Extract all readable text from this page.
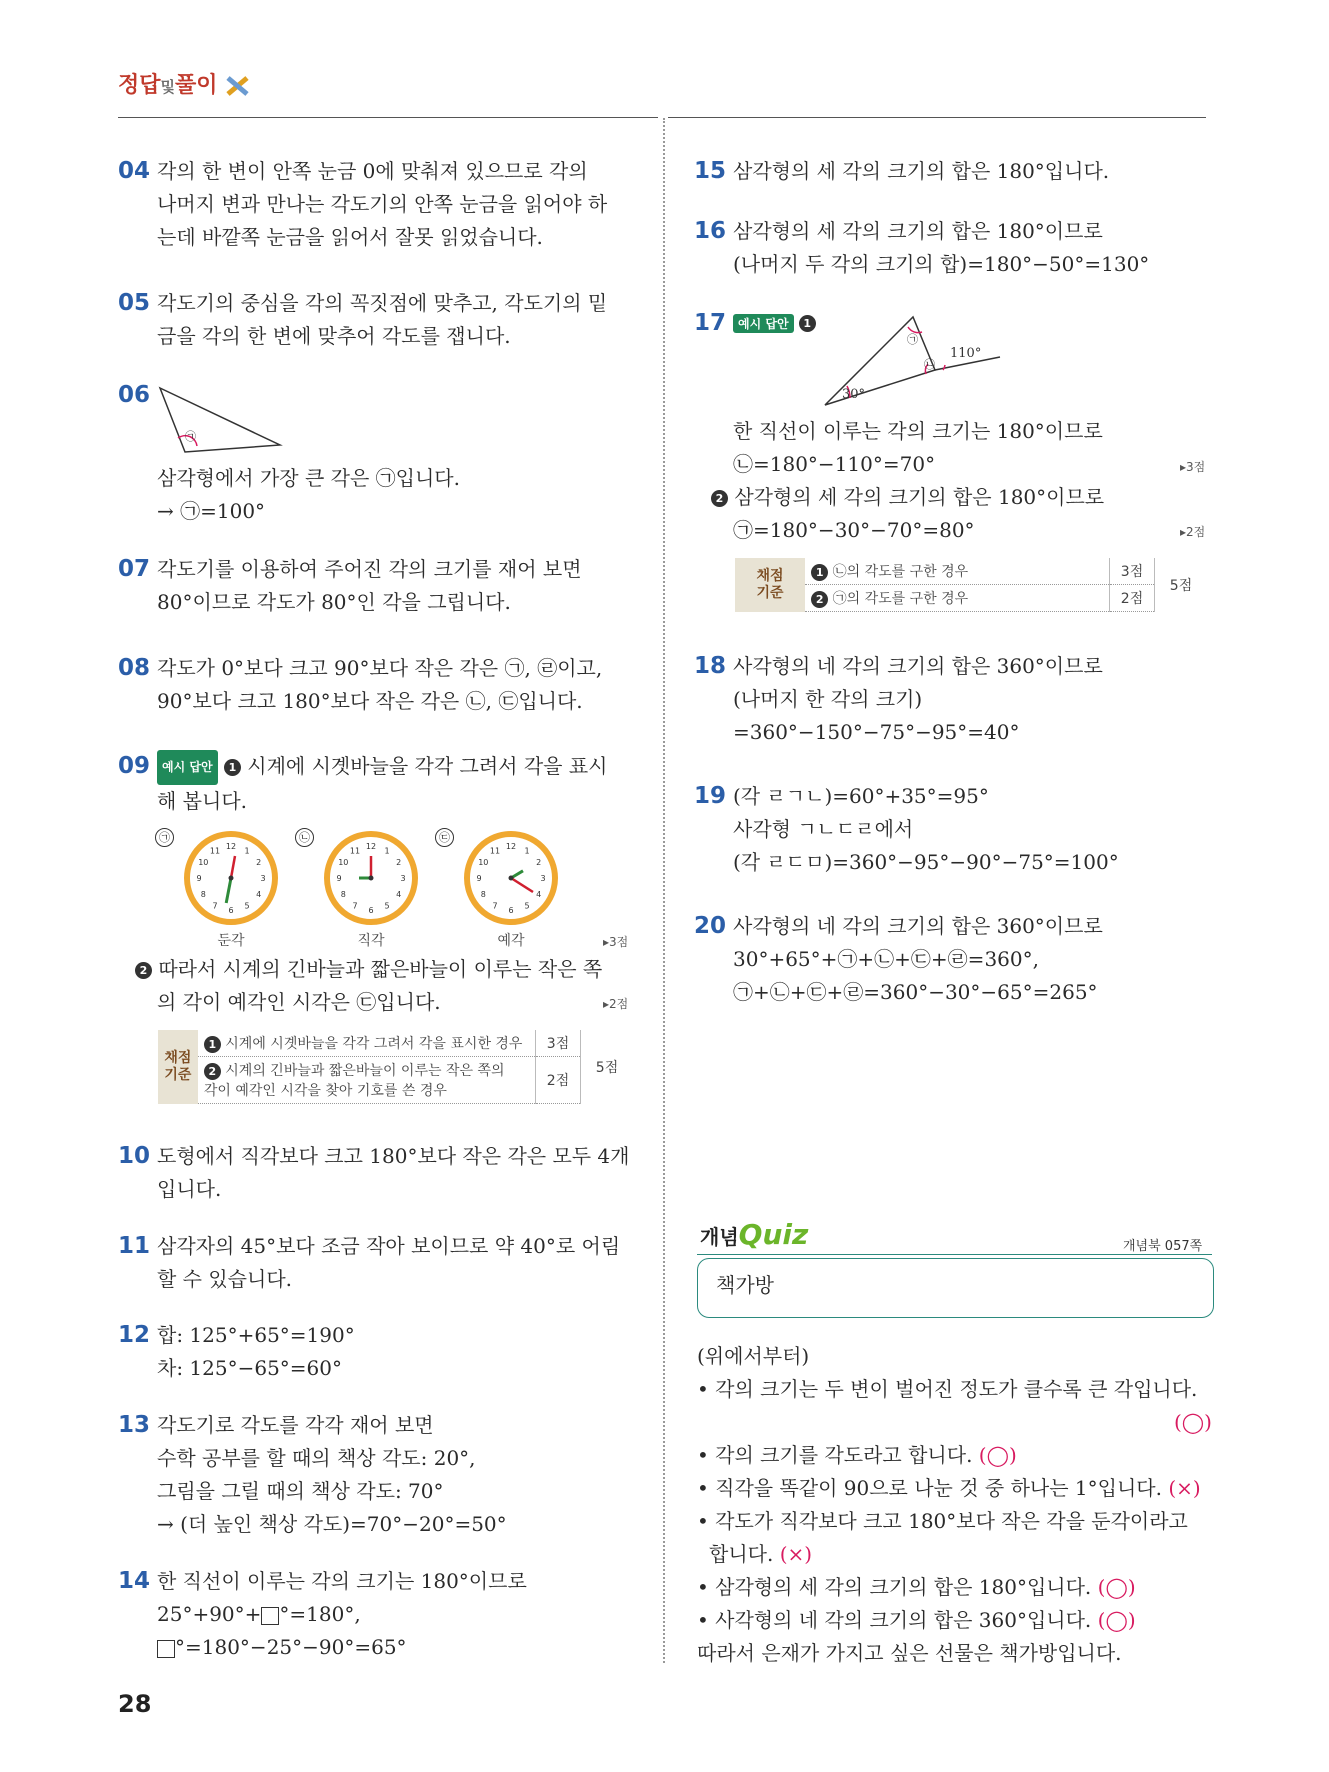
정답및풀이
04 각의 한 변이 안쪽 눈금 0에 맞춰져 있으므로 각의
나머지 변과 만나는 각도기의 안쪽 눈금을 읽어야 하
는데 바깥쪽 눈금을 읽어서 잘못 읽었습니다.
05 각도기의 중심을 각의 꼭짓점에 맞추고, 각도기의 밑
금을 각의 한 변에 맞추어 각도를 잽니다.
06
㉠
삼각형에서 가장 큰 각은 ㉠입니다.
→ ㉠=100°
07 각도기를 이용하여 주어진 각의 크기를 재어 보면
80°이므로 각도가 80°인 각을 그립니다.
08 각도가 0°보다 크고 90°보다 작은 각은 ㉠, ㉣이고,
90°보다 크고 180°보다 작은 각은 ㉡, ㉢입니다.
09 예시 답안 1 시계에 시곗바늘을 각각 그려서 각을 표시
해 봅니다.
㉠
12 1
2
3
4
5
6
7
8
9
10
11
둔각
㉡
12 1
2
3
4
5
6
7
8
9
10
11
직각
㉢
12 1
2
3
4
5
6
7
8
9
10
11
예각	▸3점
2 따라서 시계의 긴바늘과 짧은바늘이 이루는 작은 쪽
의 각이 예각인 시각은 ㉢입니다.	▸2점
채점
기준	1 시계에 시곗바늘을 각각 그려서 각을 표시한 경우	3점	5점
	2 시계의 긴바늘과 짧은바늘이 이루는 작은 쪽의
각이 예각인 시각을 찾아 기호를 쓴 경우	2점	
10 도형에서 직각보다 크고 180°보다 작은 각은 모두 4개
입니다.
11 삼각자의 45°보다 조금 작아 보이므로 약 40°로 어림
할 수 있습니다.
12 합: 125°+65°=190°
차: 125°−65°=60°
13 각도기로 각도를 각각 재어 보면
수학 공부를 할 때의 책상 각도: 20°,
그림을 그릴 때의 책상 각도: 70°
→ (더 높인 책상 각도)=70°−20°=50°
14 한 직선이 이루는 각의 크기는 180°이므로
25°+90°+ °=180°,
°=180°−25°−90°=65°
28
15 삼각형의 세 각의 크기의 합은 180°입니다.
16 삼각형의 세 각의 크기의 합은 180°이므로
(나머지 두 각의 크기의 합)=180°−50°=130°
17 예시 답안 1
㉠
㉡
110°
30°
한 직선이 이루는 각의 크기는 180°이므로
㉡=180°−110°=70°	▸3점
2 삼각형의 세 각의 크기의 합은 180°이므로
㉠=180°−30°−70°=80°	▸2점
채점
기준	1 ㉡의 각도를 구한 경우	3점	5점
	2 ㉠의 각도를 구한 경우	2점	
18 사각형의 네 각의 크기의 합은 360°이므로
(나머지 한 각의 크기)
=360°−150°−75°−95°=40°
19 (각 ㄹㄱㄴ)=60°+35°=95°
사각형 ㄱㄴㄷㄹ에서
(각 ㄹㄷㅁ)=360°−95°−90°−75°=100°
20 사각형의 네 각의 크기의 합은 360°이므로
30°+65°+㉠+㉡+㉢+㉣=360°,
㉠+㉡+㉢+㉣=360°−30°−65°=265°
개념Quiz	개념북 057쪽
책가방
(위에서부터)
• 각의 크기는 두 변이 벌어진 정도가 클수록 큰 각입니다.
(◯)
• 각의 크기를 각도라고 합니다. (◯)
• 직각을 똑같이 90으로 나눈 것 중 하나는 1°입니다. (×)
• 각도가 직각보다 크고 180°보다 작은 각을 둔각이라고
합니다. (×)
• 삼각형의 세 각의 크기의 합은 180°입니다. (◯)
• 사각형의 네 각의 크기의 합은 360°입니다. (◯)
따라서 은재가 가지고 싶은 선물은 책가방입니다.
